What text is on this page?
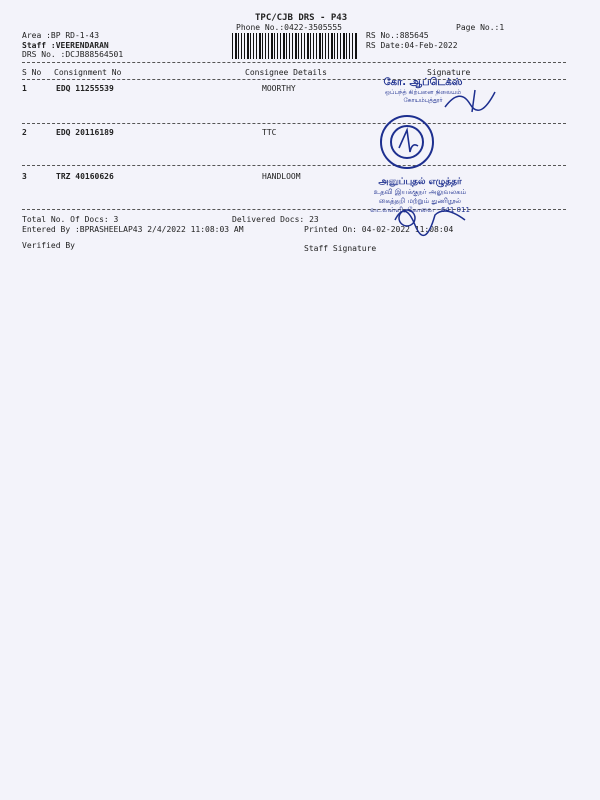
TPC/CJB DRS - P43
Phone No.:0422-3505555	Page No.:1
Area :BP RD-1-43
Staff :VEERENDARAN
DRS No. :DCJB88564501
RS No.:885645
RS Date:04-Feb-2022
S No Consignment No	Consignee Details	Signature
1	EDQ 11255539	MOORTHY
2	EDQ 20116189	TTC
3	TRZ 40160626	HANDLOOM
Total No. Of Docs: 3	Delivered Docs: 23
Entered By :BPRASHEELAP43 2/4/2022 11:08:03 AM	Printed On: 04-02-2022 11:08:04
Verified By	Staff Signature
கோ. ஆப்டெக்ஸ்
ஒப்பந்த் கிற்பனை நிலையம்
கோயம்புத்தூர்
அனுப்புதல் எழுத்தர்
உதவி இயக்குநர் அலுவலகம்
கைத்தறி மற்றும் துணிநூல்
வடவள்ளி, கோவை - 641 011
